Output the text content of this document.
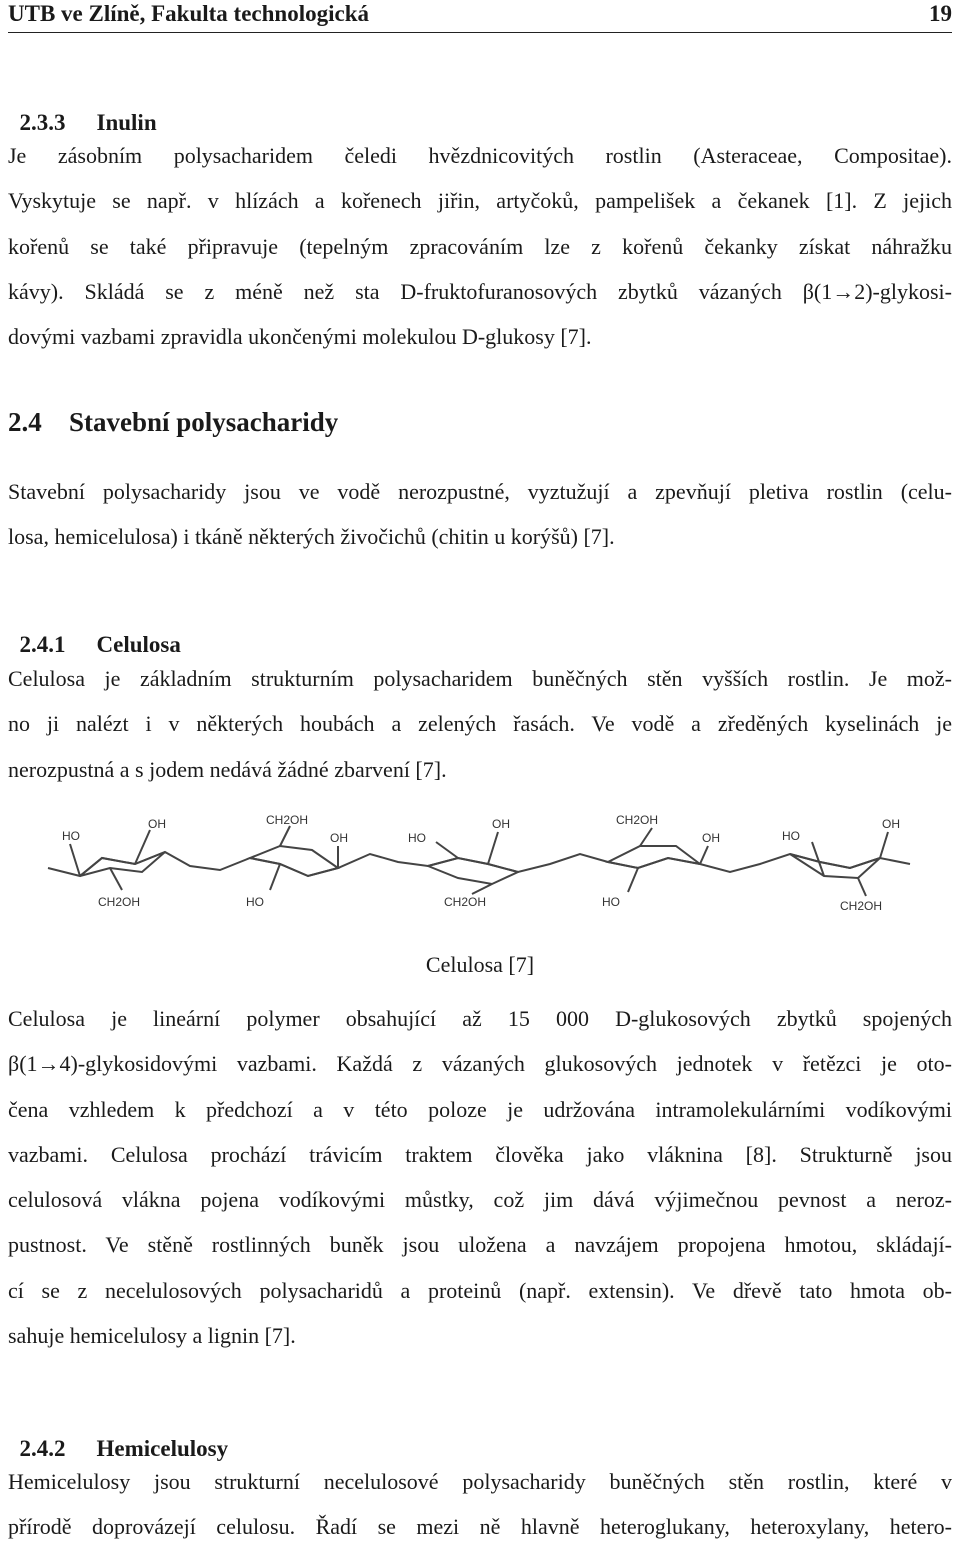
UTB ve Zlíně, Fakulta technologická	19

2.3.3 Inulin

Je zásobním polysacharidem čeledi hvězdnicovitých rostlin (Asteraceae, Compositae).
Vyskytuje se např. v hlízách a kořenech jiřin, artyčoků, pampelišek a čekanek [1]. Z jejich
kořenů se také připravuje (tepelným zpracováním lze z kořenů čekanky získat náhražku
kávy). Skládá se z méně než sta D-fruktofuranosových zbytků vázaných β(1→2)-glykosi-
dovými vazbami zpravidla ukončenými molekulou D-glukosy [7].
2.4 Stavební polysacharidy
Stavební polysacharidy jsou ve vodě nerozpustné, vyztužují a zpevňují pletiva rostlin (celu-
losa, hemicelulosa) i tkáně některých živočichů (chitin u korýšů) [7].

2.4.1 Celulosa

Celulosa je základním strukturním polysacharidem buněčných stěn vyšších rostlin. Je mož-
no ji nalézt i v některých houbách a zelených řasách. Ve vodě a zředěných kyselinách je
nerozpustná a s jodem nedává žádné zbarvení [7].
HO
OH
CH2OH
CH2OH
OH
HO
HO
OH
CH2OH
CH2OH
OH
HO
HO
OH
CH2OH
Celulosa [7]
Celulosa je lineární polymer obsahující až 15 000 D-glukosových zbytků spojených
β(1→4)-glykosidovými vazbami. Každá z vázaných glukosových jednotek v řetězci je oto-
čena vzhledem k předchozí a v této poloze je udržována intramolekulárními vodíkovými
vazbami. Celulosa prochází trávicím traktem člověka jako vláknina [8]. Strukturně jsou
celulosová vlákna pojena vodíkovými můstky, což jim dává výjimečnou pevnost a neroz-
pustnost. Ve stěně rostlinných buněk jsou uložena a navzájem propojena hmotou, skládají-
cí se z necelulosových polysacharidů a proteinů (např. extensin). Ve dřevě tato hmota ob-
sahuje hemicelulosy a lignin [7].

2.4.2 Hemicelulosy

Hemicelulosy jsou strukturní necelulosové polysacharidy buněčných stěn rostlin, které v
přírodě doprovázejí celulosu. Řadí se mezi ně hlavně heteroglukany, heteroxylany, hetero-
